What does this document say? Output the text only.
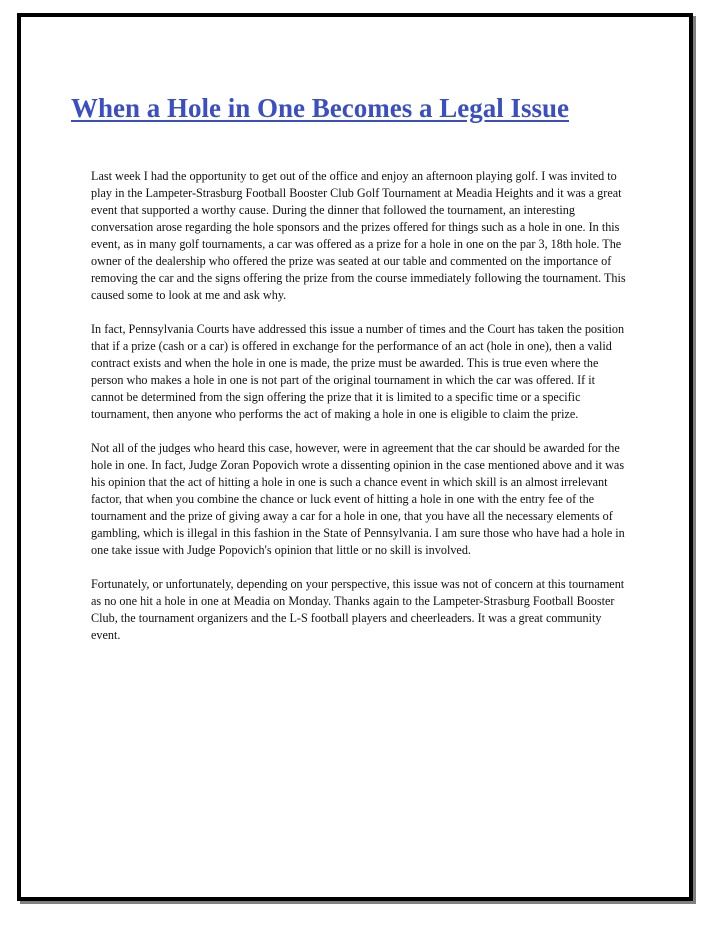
When a Hole in One Becomes a Legal Issue

Last week I had the opportunity to get out of the office and enjoy an afternoon playing golf. I was invited to play in the Lampeter-Strasburg Football Booster Club Golf Tournament at Meadia Heights and it was a great event that supported a worthy cause. During the dinner that followed the tournament, an interesting conversation arose regarding the hole sponsors and the prizes offered for things such as a hole in one. In this event, as in many golf tournaments, a car was offered as a prize for a hole in one on the par 3, 18th hole. The owner of the dealership who offered the prize was seated at our table and commented on the importance of removing the car and the signs offering the prize from the course immediately following the tournament. This caused some to look at me and ask why.

In fact, Pennsylvania Courts have addressed this issue a number of times and the Court has taken the position that if a prize (cash or a car) is offered in exchange for the performance of an act (hole in one), then a valid contract exists and when the hole in one is made, the prize must be awarded. This is true even where the person who makes a hole in one is not part of the original tournament in which the car was offered. If it cannot be determined from the sign offering the prize that it is limited to a specific time or a specific tournament, then anyone who performs the act of making a hole in one is eligible to claim the prize.

Not all of the judges who heard this case, however, were in agreement that the car should be awarded for the hole in one. In fact, Judge Zoran Popovich wrote a dissenting opinion in the case mentioned above and it was his opinion that the act of hitting a hole in one is such a chance event in which skill is an almost irrelevant factor, that when you combine the chance or luck event of hitting a hole in one with the entry fee of the tournament and the prize of giving away a car for a hole in one, that you have all the necessary elements of gambling, which is illegal in this fashion in the State of Pennsylvania. I am sure those who have had a hole in one take issue with Judge Popovich's opinion that little or no skill is involved.

Fortunately, or unfortunately, depending on your perspective, this issue was not of concern at this tournament as no one hit a hole in one at Meadia on Monday. Thanks again to the Lampeter-Strasburg Football Booster Club, the tournament organizers and the L-S football players and cheerleaders. It was a great community event.
